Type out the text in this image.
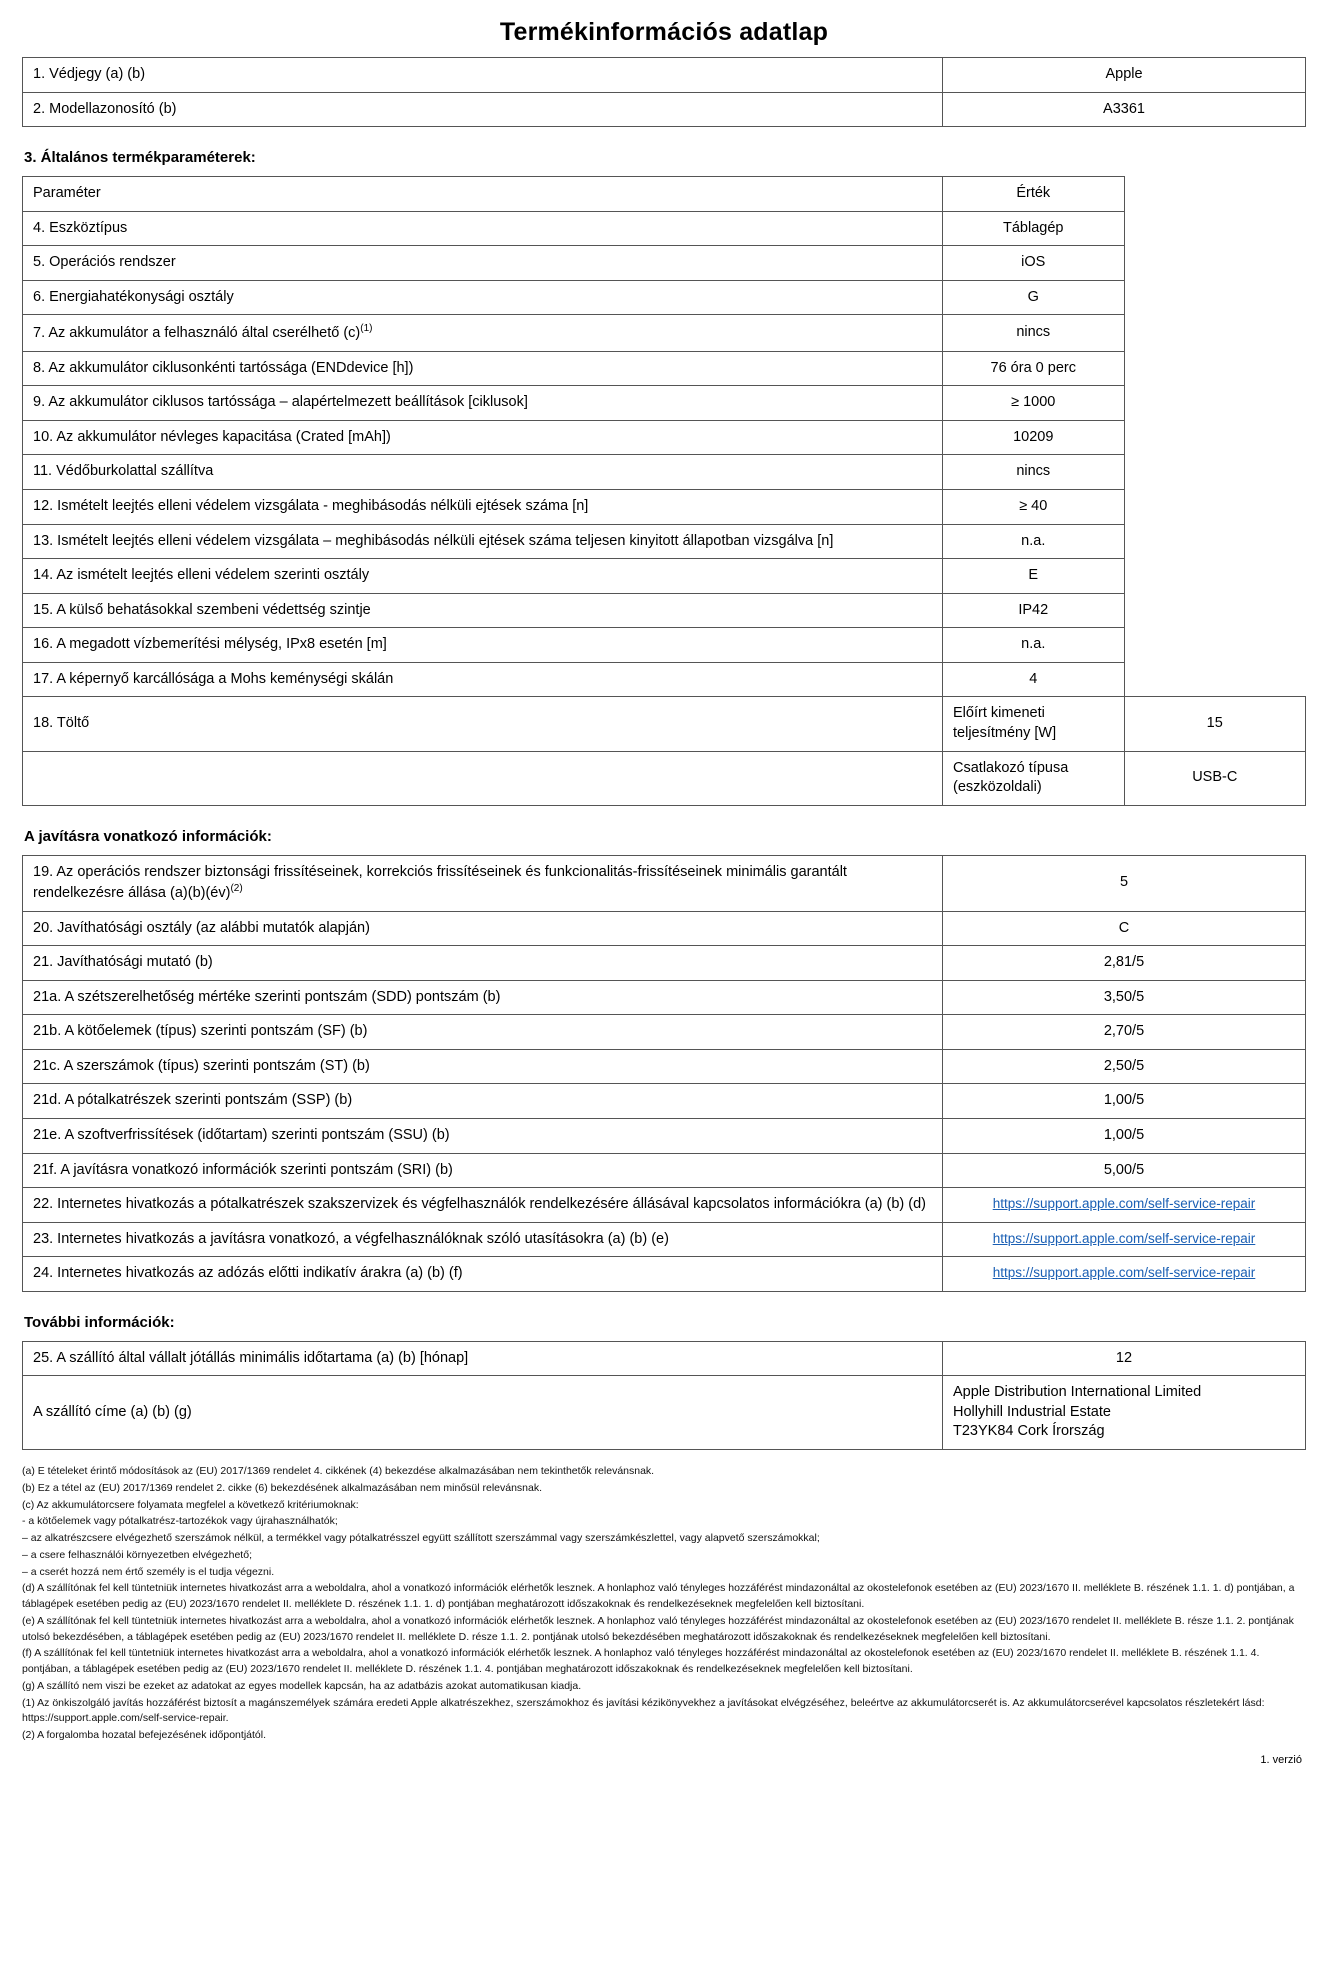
Termékinformációs adatlap
1. Védjegy (a) (b)	Apple
2. Modellazonosító (b)	A3361
3. Általános termékparaméterek:
Paraméter	Érték	
4. Eszköztípus	Táblagép	
5. Operációs rendszer	iOS	
6. Energiahatékonysági osztály	G	
7. Az akkumulátor a felhasználó által cserélhető $(c)^{(1)}$	nincs	
8. Az akkumulátor ciklusonkénti tartóssága (ENDdevice [h])	76 óra 0 perc	
9. Az akkumulátor ciklusos tartóssága – alapértelmezett beállítások [ciklusok]	≥ 1000	
10. Az akkumulátor névleges kapacitása (Crated [mAh])	10209	
11. Védőburkolattal szállítva	nincs	
12. Ismételt leejtés elleni védelem vizsgálata - meghibásodás nélküli ejtések száma [n]	≥ 40	
13. Ismételt leejtés elleni védelem vizsgálata – meghibásodás nélküli ejtések száma teljesen kinyitott állapotban vizsgálva [n]	n.a.	
14. Az ismételt leejtés elleni védelem szerinti osztály	E	
15. A külső behatásokkal szembeni védettség szintje	IP42	
16. A megadott vízbemerítési mélység, IPx8 esetén [m]	n.a.	
17. A képernyő karcállósága a Mohs keménységi skálán	4	
18. Töltő	Előírt kimeneti teljesítmény [W]	15
	Csatlakozó típusa (eszközoldali)	USB-C
A javításra vonatkozó információk:
19. Az operációs rendszer biztonsági frissítéseinek, korrekciós frissítéseinek és funkcionalitás-frissítéseinek minimális garantált rendelkezésre állása (a)(b)(év)$^{(2)}$	5
20. Javíthatósági osztály (az alábbi mutatók alapján)	C
21. Javíthatósági mutató (b)	2,81/5
21a. A szétszerelhetőség mértéke szerinti pontszám (SDD) pontszám (b)	3,50/5
21b. A kötőelemek (típus) szerinti pontszám (SF) (b)	2,70/5
21c. A szerszámok (típus) szerinti pontszám (ST) (b)	2,50/5
21d. A pótalkatrészek szerinti pontszám (SSP) (b)	1,00/5
21e. A szoftverfrissítések (időtartam) szerinti pontszám (SSU) (b)	1,00/5
21f. A javításra vonatkozó információk szerinti pontszám (SRI) (b)	5,00/5
22. Internetes hivatkozás a pótalkatrészek szakszervizek és végfelhasználók rendelkezésére állásával kapcsolatos információkra (a) (b) (d)	https://support.apple.com/self-service-repair
23. Internetes hivatkozás a javításra vonatkozó, a végfelhasználóknak szóló utasításokra (a) (b) (e)	https://support.apple.com/self-service-repair
24. Internetes hivatkozás az adózás előtti indikatív árakra (a) (b) (f)	https://support.apple.com/self-service-repair
További információk:
25. A szállító által vállalt jótállás minimális időtartama (a) (b) [hónap]	12
A szállító címe (a) (b) (g)	Apple Distribution International Limited
Hollyhill Industrial Estate
T23YK84 Cork Írország

(a) E tételeket érintő módosítások az (EU) 2017/1369 rendelet 4. cikkének (4) bekezdése alkalmazásában nem tekinthetők relevánsnak.

(b) Ez a tétel az (EU) 2017/1369 rendelet 2. cikke (6) bekezdésének alkalmazásában nem minősül relevánsnak.

(c) Az akkumulátorcsere folyamata megfelel a következő kritériumoknak:

- a kötőelemek vagy pótalkatrész-tartozékok vagy újrahasználhatók;

– az alkatrészcsere elvégezhető szerszámok nélkül, a termékkel vagy pótalkatrésszel együtt szállított szerszámmal vagy szerszámkészlettel, vagy alapvető szerszámokkal;

– a csere felhasználói környezetben elvégezhető;

– a cserét hozzá nem értő személy is el tudja végezni.

(d) A szállítónak fel kell tüntetniük internetes hivatkozást arra a weboldalra, ahol a vonatkozó információk elérhetők lesznek. A honlaphoz való tényleges hozzáférést mindazonáltal az okostelefonok esetében az (EU) 2023/1670 II. mellékletе B. részének 1.1. 1. d) pontjában, a táblagépek esetében pedig az (EU) 2023/1670 rendelet II. melléklete D. részének 1.1. 1. d) pontjában meghatározott időszakoknak és rendelkezéseknek megfelelően kell biztosítani.

(e) A szállítónak fel kell tüntetniük internetes hivatkozást arra a weboldalra, ahol a vonatkozó információk elérhetők lesznek. A honlaphoz való tényleges hozzáférést mindazonáltal az okostelefonok esetében az (EU) 2023/1670 rendelet II. melléklete B. része 1.1. 2. pontjának utolsó bekezdésében, a táblagépek esetében pedig az (EU) 2023/1670 rendelet II. melléklete D. része 1.1. 2. pontjának utolsó bekezdésében meghatározott időszakoknak és rendelkezéseknek megfelelően kell biztosítani.

(f) A szállítónak fel kell tüntetniük internetes hivatkozást arra a weboldalra, ahol a vonatkozó információk elérhetők lesznek. A honlaphoz való tényleges hozzáférést mindazonáltal az okostelefonok esetében az (EU) 2023/1670 rendelet II. melléklete B. részének 1.1. 4. pontjában, a táblagépek esetében pedig az (EU) 2023/1670 rendelet II. melléklete D. részének 1.1. 4. pontjában meghatározott időszakoknak és rendelkezéseknek megfelelően kell biztosítani.

(g) A szállító nem viszi be ezeket az adatokat az egyes modellek kapcsán, ha az adatbázis azokat automatikusan kiadja.

(1) Az önkiszolgáló javítás hozzáférést biztosít a magánszemélyek számára eredeti Apple alkatrészekhez, szerszámokhoz és javítási kézikönyvekhez a javításokat elvégzéséhez, beleértve az akkumulátorcserét is. Az akkumulátorcserével kapcsolatos részletekért lásd: https://support.apple.com/self-service-repair.

(2) A forgalomba hozatal befejezésének időpontjától.

1. verzió
